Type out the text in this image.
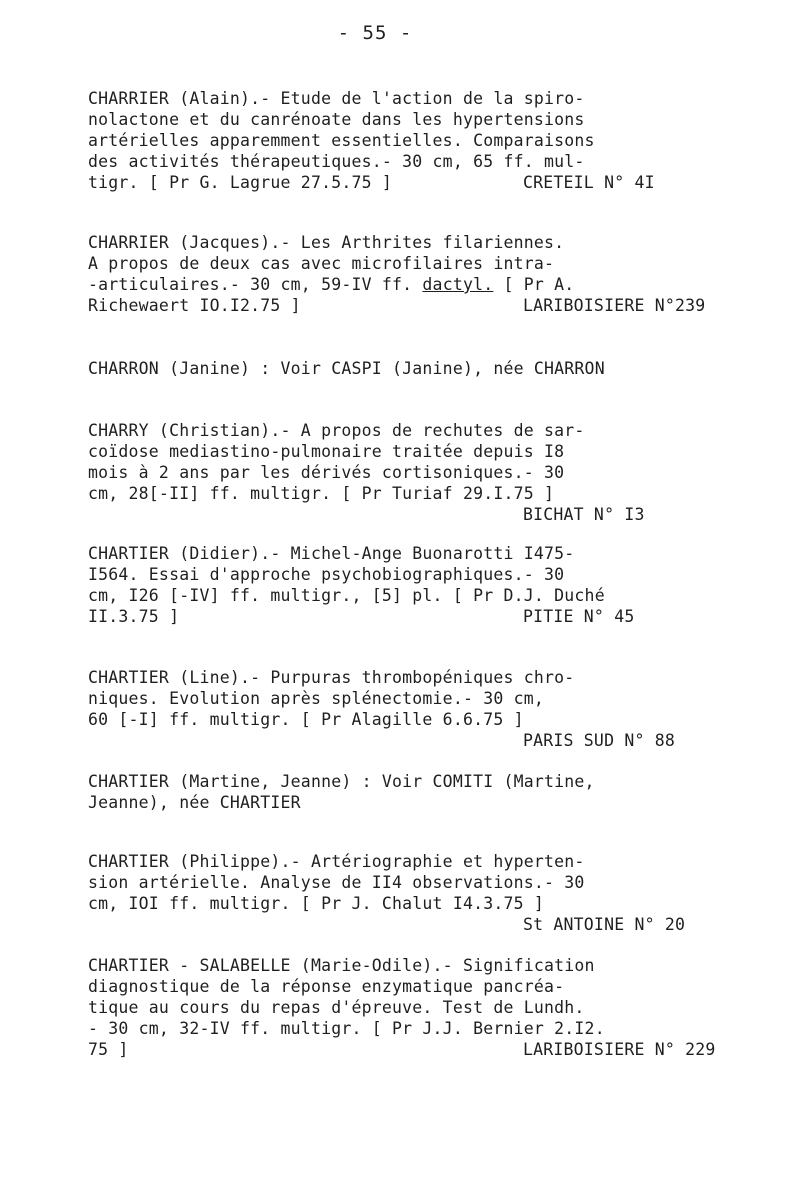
- 55 -
CHARRIER (Alain).- Etude de l'action de la spiro-
nolactone et du canrénoate dans les hypertensions
artérielles apparemment essentielles. Comparaisons
des activités thérapeutiques.- 30 cm, 65 ff. mul-
tigr. [ Pr G. Lagrue 27.5.75 ]	CRETEIL N° 4I
CHARRIER (Jacques).- Les Arthrites filariennes.
A propos de deux cas avec microfilaires intra-
-articulaires.- 30 cm, 59-IV ff. dactyl. [ Pr A.
Richewaert IO.I2.75 ]	LARIBOISIERE N°239
CHARRON (Janine) : Voir CASPI (Janine), née CHARRON
CHARRY (Christian).- A propos de rechutes de sar-
coïdose mediastino-pulmonaire traitée depuis I8
mois à 2 ans par les dérivés cortisoniques.- 30
cm, 28[-II] ff. multigr. [ Pr Turiaf 29.I.75 ]
BICHAT N° I3
CHARTIER (Didier).- Michel-Ange Buonarotti I475-
I564. Essai d'approche psychobiographiques.- 30
cm, I26 [-IV] ff. multigr., [5] pl. [ Pr D.J. Duché
II.3.75 ]	PITIE N° 45
CHARTIER (Line).- Purpuras thrombopéniques chro-
niques. Evolution après splénectomie.- 30 cm,
60 [-I] ff. multigr. [ Pr Alagille 6.6.75 ]
PARIS SUD N° 88
CHARTIER (Martine, Jeanne) : Voir COMITI (Martine,
Jeanne), née CHARTIER
CHARTIER (Philippe).- Artériographie et hyperten-
sion artérielle. Analyse de II4 observations.- 30
cm, IOI ff. multigr. [ Pr J. Chalut I4.3.75 ]
St ANTOINE N° 20
CHARTIER - SALABELLE (Marie-Odile).- Signification
diagnostique de la réponse enzymatique pancréa-
tique au cours du repas d'épreuve. Test de Lundh.
- 30 cm, 32-IV ff. multigr. [ Pr J.J. Bernier 2.I2.
75 ]	LARIBOISIERE N° 229
